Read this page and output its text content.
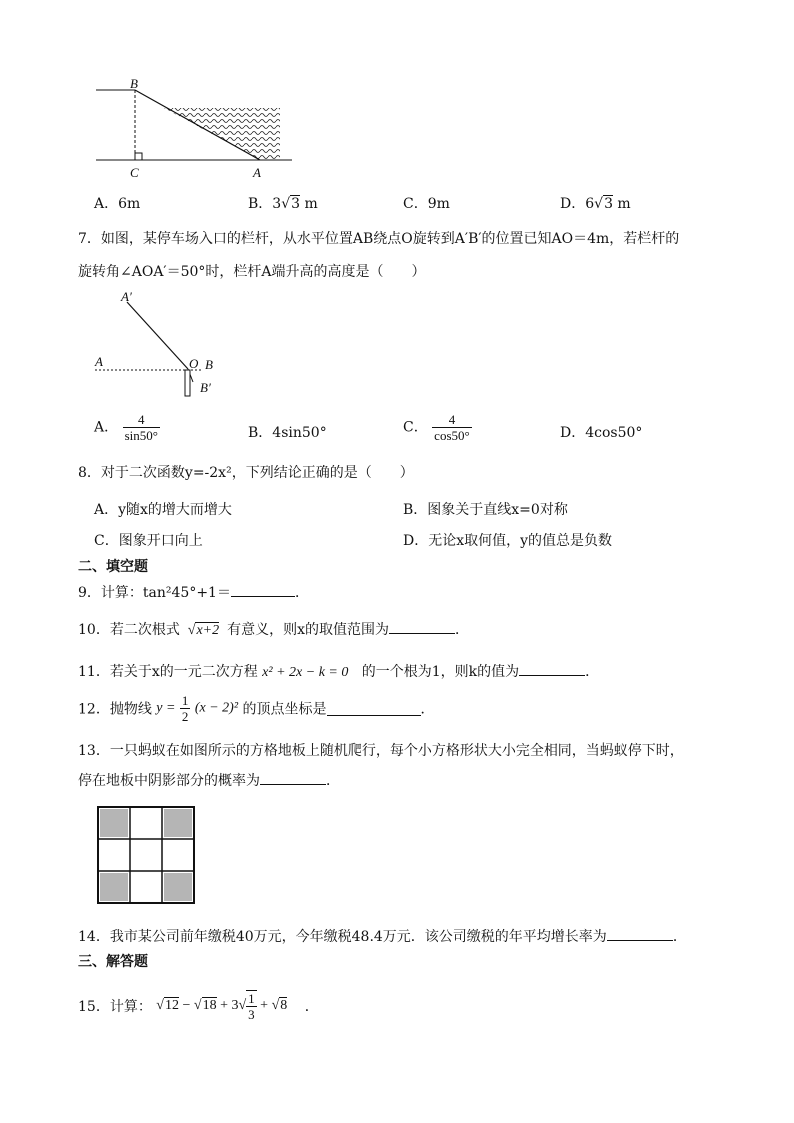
B
C	A
A．6m	B．3√3 m	C．9m	D．6√3 m
7．如图，某停车场入口的栏杆，从水平位置AB绕点O旋转到A′B′的位置已知AO＝4m，若栏杆的
旋转角∠AOA′＝50°时，栏杆A端升高的高度是（　　）
A′
A	O B
B′
A． $\frac{4}{\sin 50^\circ}$	B．4sin50°	C． $\frac{4}{\cos 50^\circ}$	D．4cos50°
8．对于二次函数y=-2x²，下列结论正确的是（　　）
A．y随x的增大而增大	B．图象关于直线x=0对称
C．图象开口向上	D．无论x取何值，y的值总是负数
二、填空题
9．计算：tan²45°+1＝	．
10．若二次根式 √x+2 有意义，则x的取值范围为	．
11．若关于x的一元二次方程 x² + 2x − k = 0 的一个根为1，则k的值为	．
12．抛物线 $y = \frac{1}{2} (x - 2)^2$ 的顶点坐标是	．
13．一只蚂蚁在如图所示的方格地板上随机爬行，每个小方格形状大小完全相同，当蚂蚁停下时，
停在地板中阴影部分的概率为	．
14．我市某公司前年缴税40万元，今年缴税48.4万元．该公司缴税的年平均增长率为	．
三、解答题
15．计算： $√12 - √18 + 3√ \frac{1}{3} + √8$ ．
